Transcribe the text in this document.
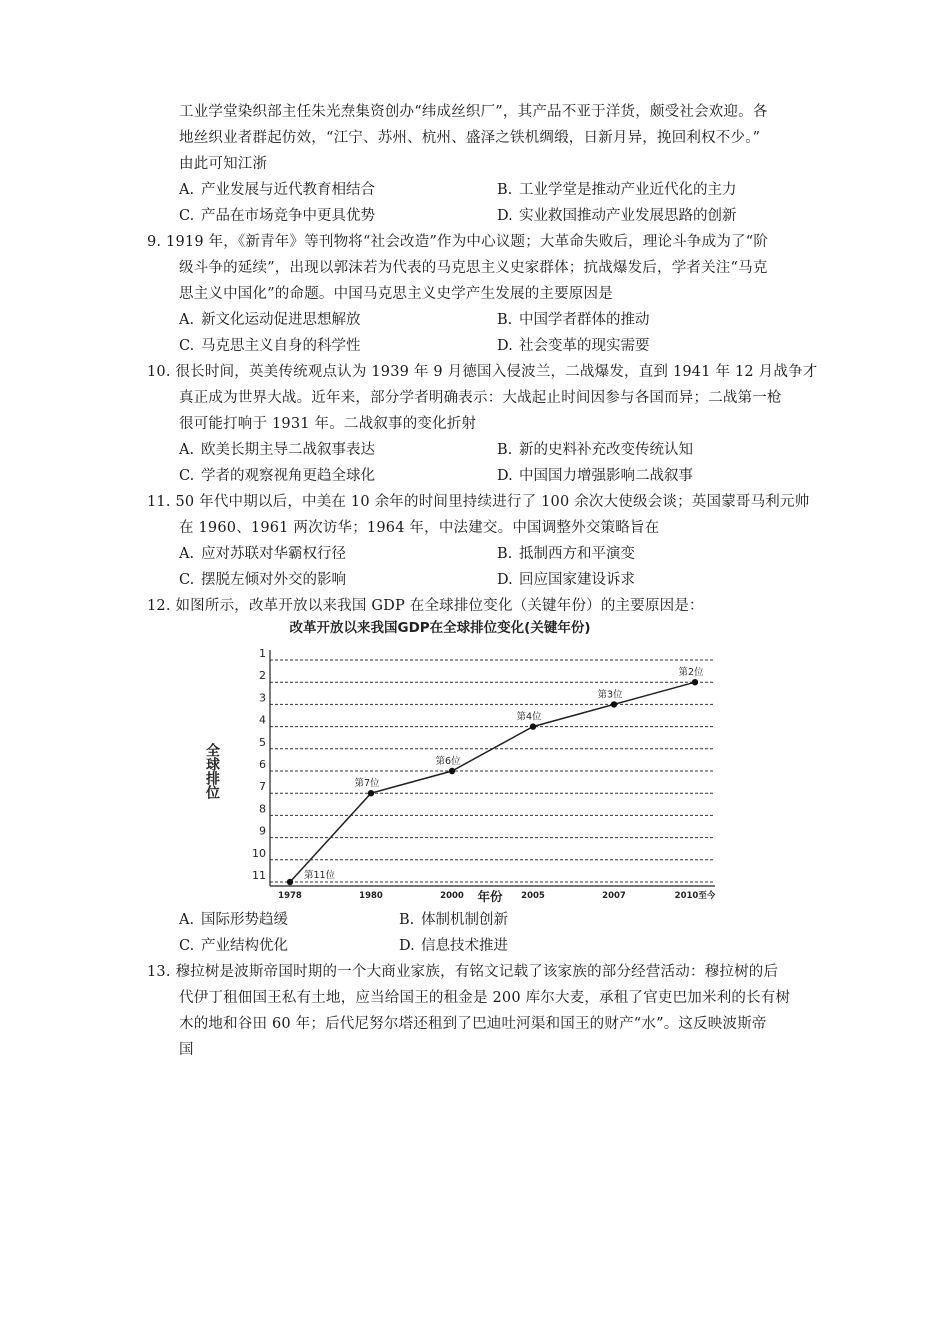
工业学堂染织部主任朱光焘集资创办“纬成丝织厂”，其产品不亚于洋货，颇受社会欢迎。各
地丝织业者群起仿效，“江宁、苏州、杭州、盛泽之铁机绸缎，日新月异，挽回利权不少。”
由此可知江浙
A. 产业发展与近代教育相结合	B. 工业学堂是推动产业近代化的主力
C. 产品在市场竞争中更具优势	D. 实业救国推动产业发展思路的创新
9. 1919 年，《新青年》等刊物将“社会改造”作为中心议题；大革命失败后，理论斗争成为了“阶
级斗争的延续”，出现以郭沫若为代表的马克思主义史家群体；抗战爆发后，学者关注“马克
思主义中国化”的命题。中国马克思主义史学产生发展的主要原因是
A. 新文化运动促进思想解放	B. 中国学者群体的推动
C. 马克思主义自身的科学性	D. 社会变革的现实需要
10. 很长时间，英美传统观点认为 1939 年 9 月德国入侵波兰，二战爆发，直到 1941 年 12 月战争才
真正成为世界大战。近年来，部分学者明确表示：大战起止时间因参与各国而异；二战第一枪
很可能打响于 1931 年。二战叙事的变化折射
A. 欧美长期主导二战叙事表达	B. 新的史料补充改变传统认知
C. 学者的观察视角更趋全球化	D. 中国国力增强影响二战叙事
11. 50 年代中期以后，中美在 10 余年的时间里持续进行了 100 余次大使级会谈；英国蒙哥马利元帅
在 1960、1961 两次访华；1964 年，中法建交。中国调整外交策略旨在
A. 应对苏联对华霸权行径	B. 抵制西方和平演变
C. 摆脱左倾对外交的影响	D. 回应国家建设诉求
12. 如图所示，改革开放以来我国 GDP 在全球排位变化（关键年份）的主要原因是：
改革开放以来我国GDP在全球排位变化(关键年份)
1
2
3
4
5
6
7
8
9
10
11
全球排位
1978	1980	2000	2005	2007	2010至今
年份
第11位
第7位
第6位
第4位
第3位
第2位
A. 国际形势趋缓	B. 体制机制创新
C. 产业结构优化	D. 信息技术推进
13. 穆拉树是波斯帝国时期的一个大商业家族，有铭文记载了该家族的部分经营活动：穆拉树的后
代伊丁租佃国王私有土地，应当给国王的租金是 200 库尔大麦，承租了官吏巴加米利的长有树
木的地和谷田 60 年；后代尼努尔塔还租到了巴迪吐河渠和国王的财产“水”。这反映波斯帝
国
